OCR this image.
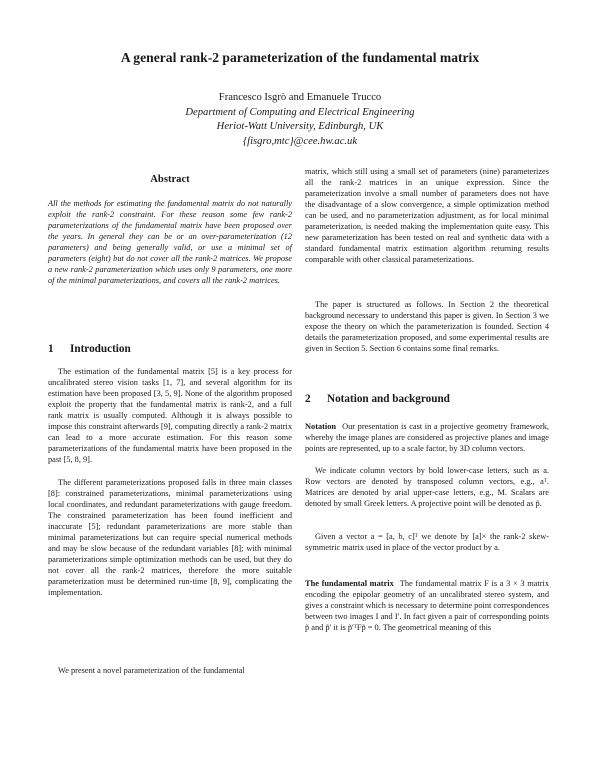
A general rank-2 parameterization of the fundamental matrix
Francesco Isgrò and Emanuele Trucco
Department of Computing and Electrical Engineering
Heriot-Watt University, Edinburgh, UK
{fisgro,mtc}@cee.hw.ac.uk
Abstract

All the methods for estimating the fundamental matrix do not naturally exploit the rank-2 constraint. For these reason some few rank-2 parameterizations of the fundamental matrix have been proposed over the years. In general they can be or an over-parameterization (12 parameters) and being generally valid, or use a minimal set of parameters (eight) but do not cover all the rank-2 matrices. We propose a new rank-2 parameterization which uses only 9 parameters, one more of the minimal parameterizations, and covers all the rank-2 matrices.

1 Introduction

The estimation of the fundamental matrix [5] is a key process for uncalibrated stereo vision tasks [1, 7], and several algorithm for its estimation have been proposed [3, 5, 9]. None of the algorithm proposed exploit the property that the fundamental matrix is rank-2, and a full rank matrix is usually computed. Although it is always possible to impose this constraint afterwards [9], computing directly a rank-2 matrix can lead to a more accurate estimation. For this reason some parameterizations of the fundamental matrix have been proposed in the past [5, 8, 9].

The different parameterizations proposed falls in three main classes [8]: constrained parameterizations, minimal parameterizations using local coordinates, and redundant parameterizations with gauge freedom. The constrained parameterization has been found inefficient and inaccurate [5]; redundant parameterizations are more stable than minimal parameterizations but can require special numerical methods and may be slow because of the redundant variables [8]; with minimal parameterizations simple optimization methods can be used, but they do not cover all the rank-2 matrices, therefore the more suitable parameterization must be determined run-time [8, 9], complicating the implementation.

We present a novel parameterization of the fundamental

matrix, which still using a small set of parameters (nine) parameterizes all the rank-2 matrices in an unique expression. Since the parameterization involve a small number of parameters does not have the disadvantage of a slow convergence, a simple optimization method can be used, and no parameterization adjustment, as for local minimal parameterization, is needed making the implementation quite easy. This new parameterization has been tested on real and synthetic data with a standard fundamental matrix estimation algorithm returning results comparable with other classical parameterizations.

The paper is structured as follows. In Section 2 the theoretical background necessary to understand this paper is given. In Section 3 we expose the theory on which the parameterization is founded. Section 4 details the parameterization proposed, and some experimental results are given in Section 5. Section 6 contains some final remarks.

2 Notation and background

Notation Our presentation is cast in a projective geometry framework, whereby the image planes are considered as projective planes and image points are represented, up to a scale factor, by 3D column vectors.

We indicate column vectors by bold lower-case letters, such as a. Row vectors are denoted by transposed column vectors, e.g., aᵀ. Matrices are denoted by arial upper-case letters, e.g., M. Scalars are denoted by small Greek letters. A projective point will be denoted as p̃.

Given a vector a = [a, b, c]ᵀ we denote by [a]× the rank-2 skew-symmetric matrix used in place of the vector product by a.

The fundamental matrix The fundamental matrix F is a 3 × 3 matrix encoding the epipolar geometry of an uncalibrated stereo system, and gives a constraint which is necessary to determine point correspondences between two images I and I′. In fact given a pair of corresponding points p̃ and p̃′ it is p̃′ᵀFp̃ = 0. The geometrical meaning of this
